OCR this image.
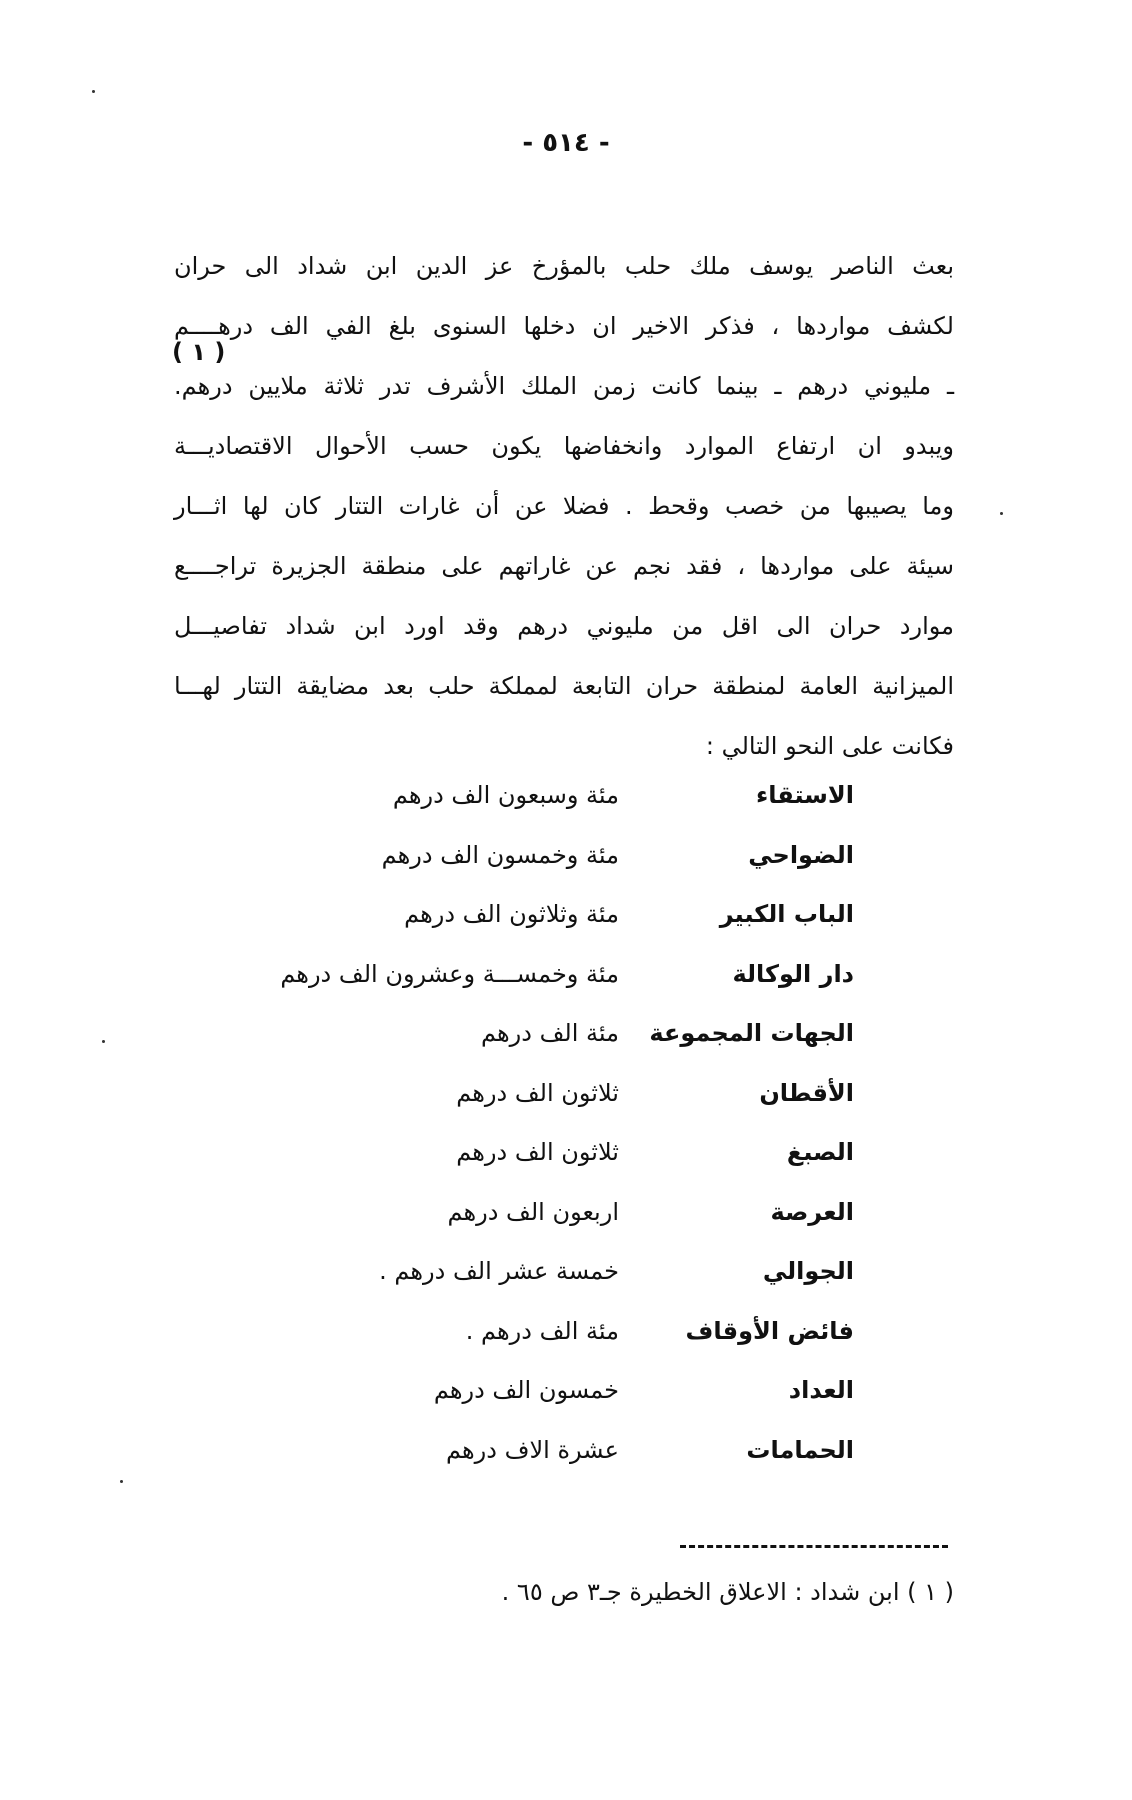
- ٥١٤ -
( ١ )
بعث الناصر يوسف ملك حلب بالمؤرخ عز الدين ابن شداد الى حران
لكشف مواردها ، فذكر الاخير ان دخلها السنوى بلغ الفي الف درهــــم
ـ مليوني درهم ـ بينما كانت زمن الملك الأشرف تدر ثلاثة ملايين درهم.
ويبدو ان ارتفاع الموارد وانخفاضها يكون حسب الأحوال الاقتصاديـــة
وما يصيبها من خصب وقحط . فضلا عن أن غارات التتار كان لها اثـــار
سيئة على مواردها ، فقد نجم عن غاراتهم على منطقة الجزيرة تراجــــع
موارد حران الى اقل من مليوني درهم وقد اورد ابن شداد تفاصيـــل
الميزانية العامة لمنطقة حران التابعة لمملكة حلب بعد مضايقة التتار لهـــا
فكانت على النحو التالي :
الاستقاء
مئة وسبعون الف درهم
الضواحي
مئة وخمسون الف درهم
الباب الكبير
مئة وثلاثون الف درهم
دار الوكالة
مئة وخمســـة وعشرون الف درهم
الجهات المجموعة
مئة الف درهم
الأقطان
ثلاثون الف درهم
الصبغ
ثلاثون الف درهم
العرصة
اربعون الف درهم
الجوالي
خمسة عشر الف درهم .
فائض الأوقاف
مئة الف درهم .
العداد
خمسون الف درهم
الحمامات
عشرة الاف درهم
( ١ ) ابن شداد : الاعلاق الخطيرة جـ٣ ص ٦٥ .
